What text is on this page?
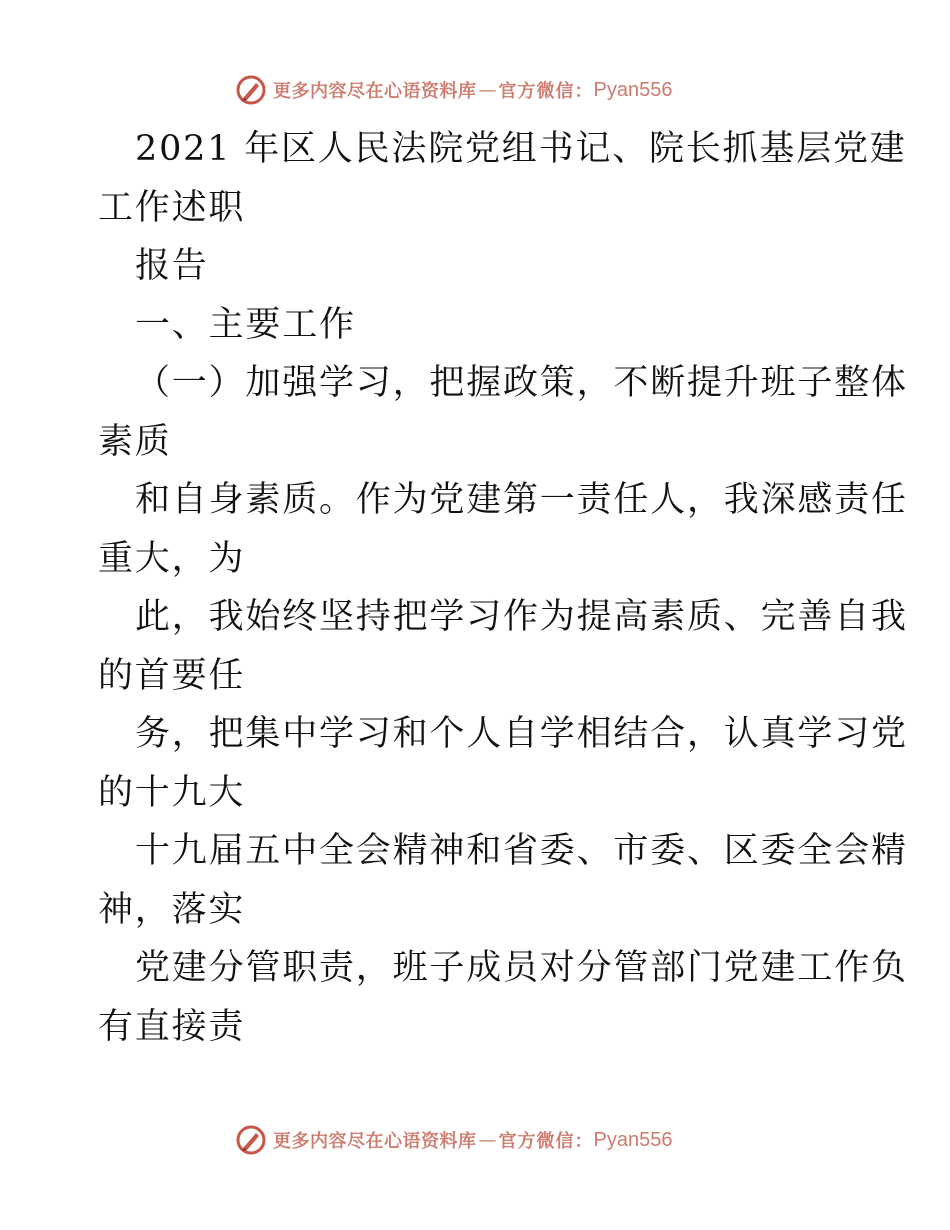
更多内容尽在心语资料库 — 官方微信： Pyan556
2021 年区人民法院党组书记、院长抓基层党建
工作述职
报告
一、主要工作
（一）加强学习，把握政策，不断提升班子整体
素质
和自身素质。作为党建第一责任人，我深感责任
重大，为
此，我始终坚持把学习作为提高素质、完善自我
的首要任
务，把集中学习和个人自学相结合，认真学习党
的十九大
十九届五中全会精神和省委、市委、区委全会精
神，落实
党建分管职责，班子成员对分管部门党建工作负
有直接责
更多内容尽在心语资料库 — 官方微信： Pyan556
